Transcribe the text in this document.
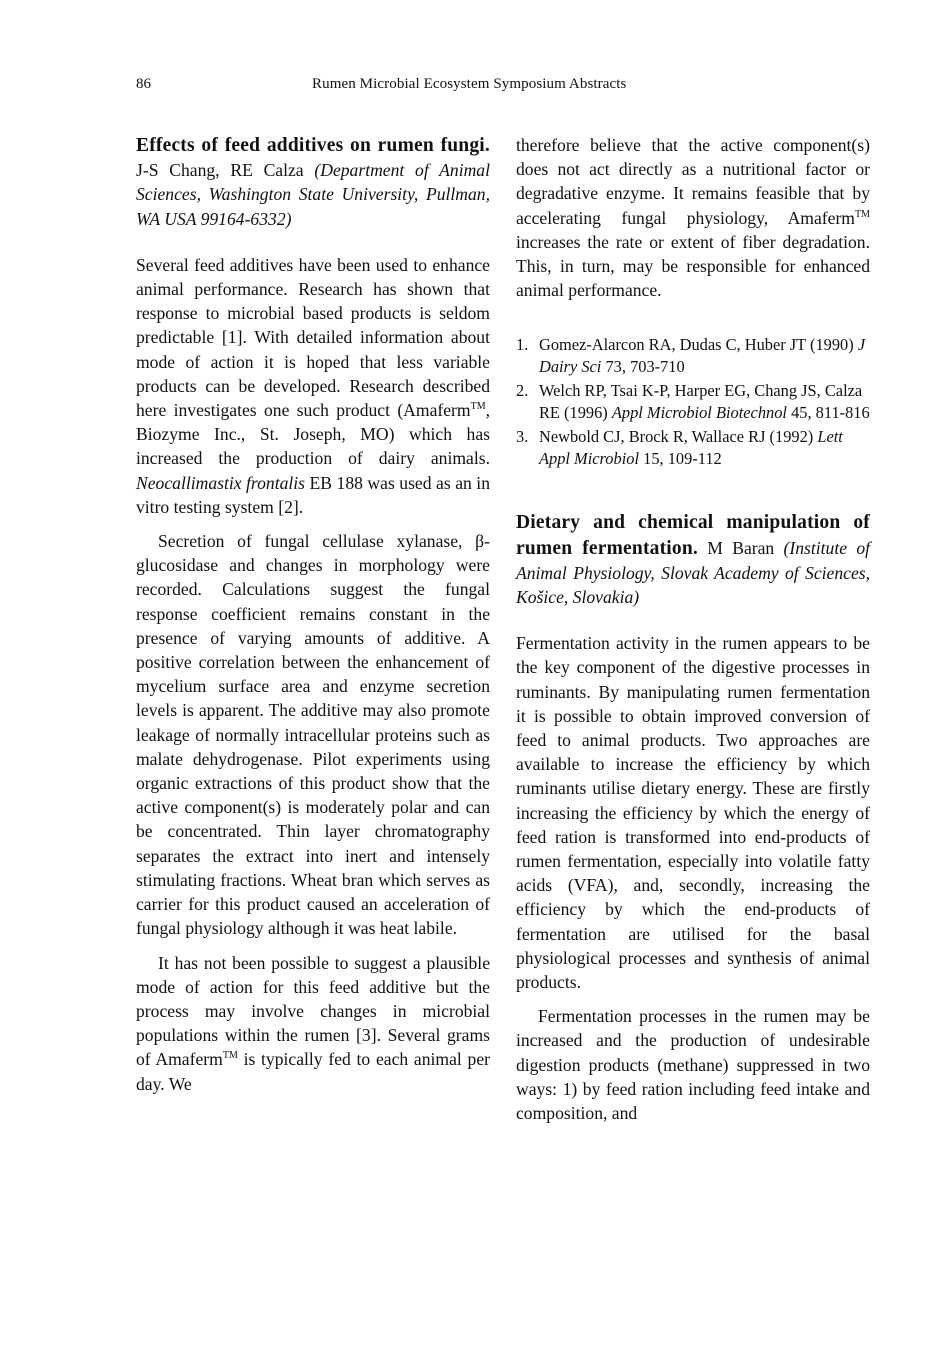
86	Rumen Microbial Ecosystem Symposium Abstracts
Effects of feed additives on rumen fungi. J-S Chang, RE Calza (Department of Animal Sciences, Washington State University, Pullman, WA USA 99164-6332)

Several feed additives have been used to enhance animal performance. Research has shown that response to microbial based products is seldom predictable [1]. With detailed information about mode of action it is hoped that less variable products can be developed. Research described here investigates one such product (Amaferm™, Biozyme Inc., St. Joseph, MO) which has increased the production of dairy animals. Neocallimastix frontalis EB 188 was used as an in vitro testing system [2].

Secretion of fungal cellulase xylanase, β-glucosidase and changes in morphology were recorded. Calculations suggest the fungal response coefficient remains constant in the presence of varying amounts of additive. A positive correlation between the enhancement of mycelium surface area and enzyme secretion levels is apparent. The additive may also promote leakage of normally intracellular proteins such as malate dehydrogenase. Pilot experiments using organic extractions of this product show that the active component(s) is moderately polar and can be concentrated. Thin layer chromatography separates the extract into inert and intensely stimulating fractions. Wheat bran which serves as carrier for this product caused an acceleration of fungal physiology although it was heat labile.

It has not been possible to suggest a plausible mode of action for this feed additive but the process may involve changes in microbial populations within the rumen [3]. Several grams of Amaferm™ is typically fed to each animal per day. We

therefore believe that the active component(s) does not act directly as a nutritional factor or degradative enzyme. It remains feasible that by accelerating fungal physiology, Amaferm™ increases the rate or extent of fiber degradation. This, in turn, may be responsible for enhanced animal performance.

1. Gomez-Alarcon RA, Dudas C, Huber JT (1990) J Dairy Sci 73, 703-710
2. Welch RP, Tsai K-P, Harper EG, Chang JS, Calza RE (1996) Appl Microbiol Biotechnol 45, 811-816
3. Newbold CJ, Brock R, Wallace RJ (1992) Lett Appl Microbiol 15, 109-112
Dietary and chemical manipulation of rumen fermentation. M Baran (Institute of Animal Physiology, Slovak Academy of Sciences, Košice, Slovakia)

Fermentation activity in the rumen appears to be the key component of the digestive processes in ruminants. By manipulating rumen fermentation it is possible to obtain improved conversion of feed to animal products. Two approaches are available to increase the efficiency by which ruminants utilise dietary energy. These are firstly increasing the efficiency by which the energy of feed ration is transformed into end-products of rumen fermentation, especially into volatile fatty acids (VFA), and, secondly, increasing the efficiency by which the end-products of fermentation are utilised for the basal physiological processes and synthesis of animal products.

Fermentation processes in the rumen may be increased and the production of undesirable digestion products (methane) suppressed in two ways: 1) by feed ration including feed intake and composition, and
